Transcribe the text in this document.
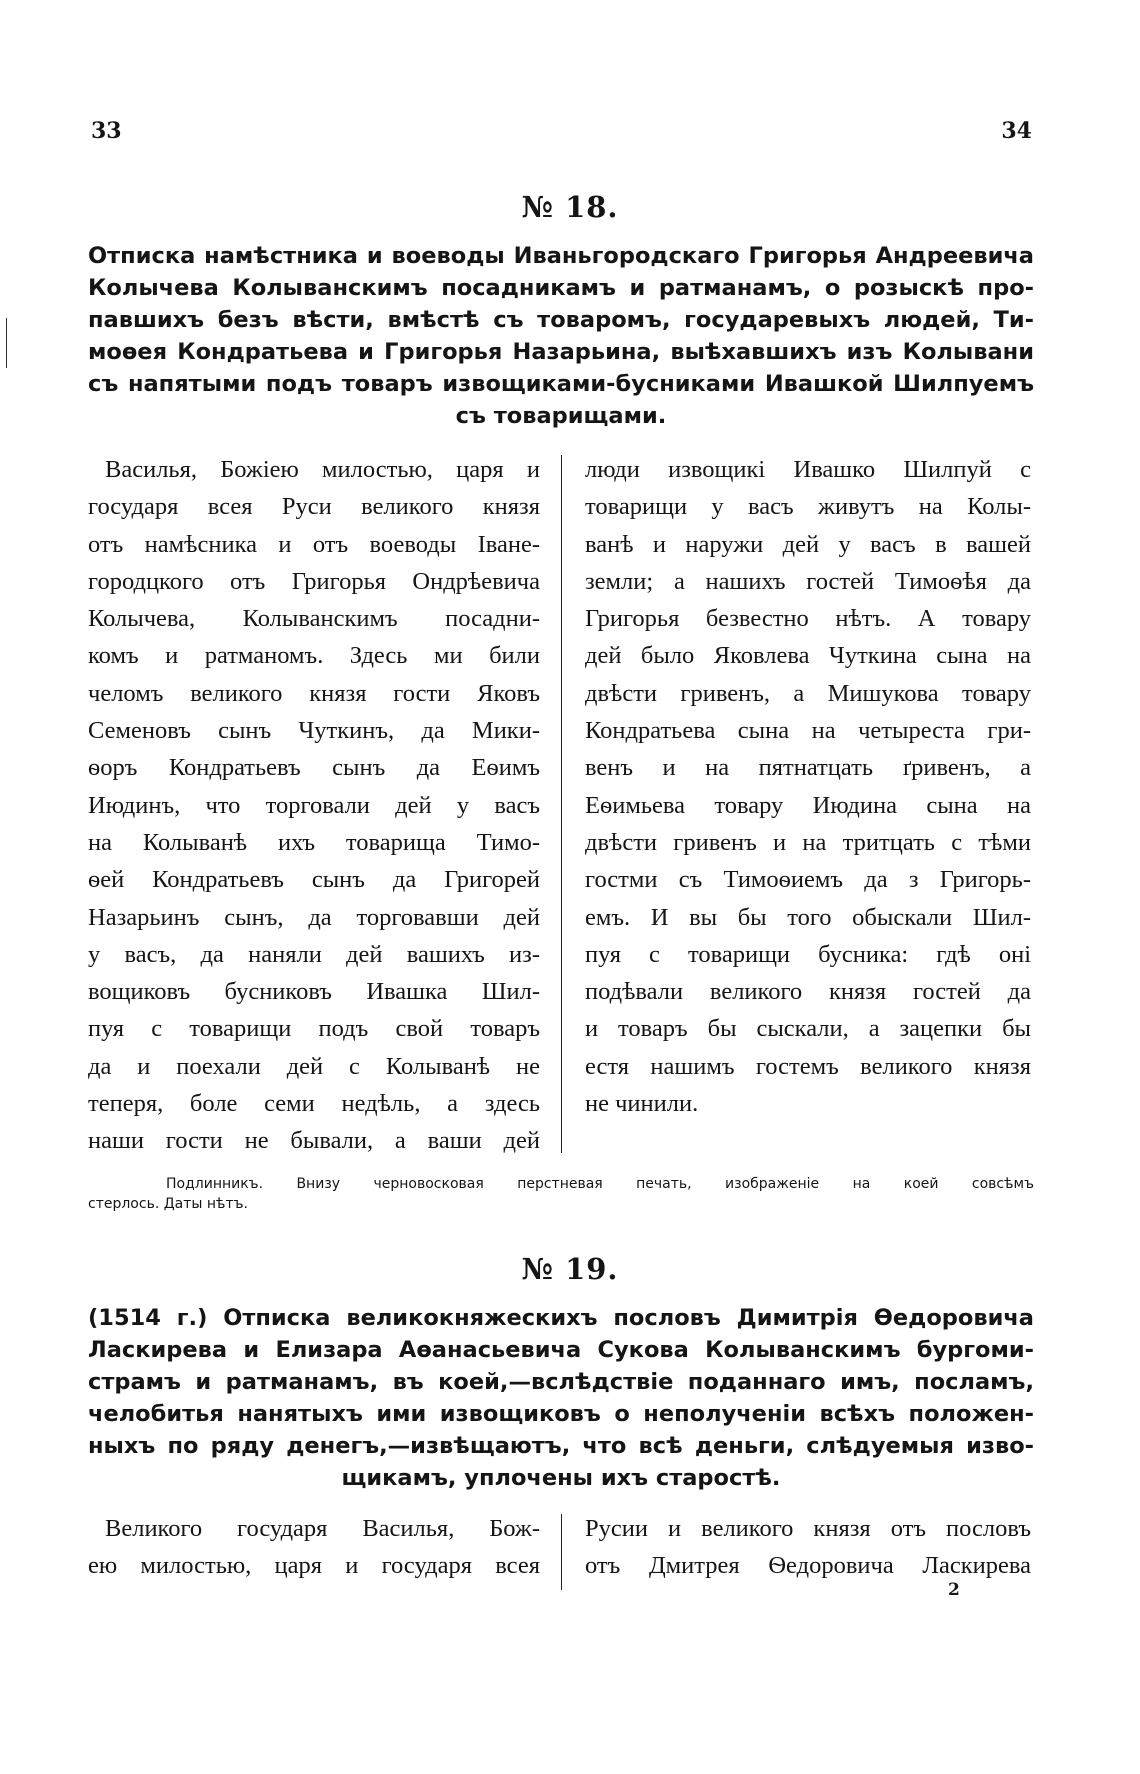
33	34
№ 18.
Отписка намѣстника и воеводы Иваньгородскаго Григорья Андреевича
Колычева Колыванскимъ посадникамъ и ратманамъ, о розыскѣ про-
павшихъ безъ вѣсти, вмѣстѣ съ товаромъ, государевыхъ людей, Ти-
моѳея Кондратьева и Григорья Назарьина, выѣхавшихъ изъ Колывани
съ напятыми подъ товаръ извощиками-бусниками Ивашкой Шилпуемъ
съ товарищами.
Василья, Божіею милостью, царя и
государя всея Руси великого князя
отъ намѣсника и отъ воеводы Іване-
городцкого отъ Григорья Ондрѣевича
Колычева, Колыванскимъ посадни-
комъ и ратманомъ. Здесь ми били
челомъ великого князя гости Яковъ
Семеновъ сынъ Чуткинъ, да Мики-
ѳоръ Кондратьевъ сынъ да Еѳимъ
Июдинъ, что торговали дей у васъ
на Колыванѣ ихъ товарища Тимо-
ѳей Кондратьевъ сынъ да Григорей
Назарьинъ сынъ, да торговавши дей
у васъ, да наняли дей вашихъ из-
вощиковъ бусниковъ Ивашка Шил-
пуя с товарищи подъ свой товаръ
да и поехали дей с Колыванѣ не
теперя, боле семи недѣль, а здесь
наши гости не бывали, а ваши дей
люди извощикі Ивашко Шилпуй с
товарищи у васъ живутъ на Колы-
ванѣ и наружи дей у васъ в вашей
земли; а нашихъ гостей Тимоѳѣя да
Григорья безвестно нѣтъ. А товару
дей было Яковлева Чуткина сына на
двѣсти гривенъ, а Мишукова товару
Кондратьева сына на четыреста гри-
венъ и на пятнатцать ґривенъ, а
Еѳимьева товару Июдина сына на
двѣсти гривенъ и на тритцать с тѣми
гостми съ Тимоѳиемъ да з Григорь-
емъ. И вы бы того обыскали Шил-
пуя с товарищи бусника: гдѣ оні
подѣвали великого князя гостей да
и товаръ бы сыскали, а зацепки бы
естя нашимъ гостемъ великого князя
не чинили.
Подлинникъ. Внизу черновосковая перстневая печать, изображеніе на коей совсѣмъ
стерлось. Даты нѣтъ.
№ 19.
(1514 г.) Отписка великокняжескихъ пословъ Димитрія Ѳедоровича
Ласкирева и Елизара Аѳанасьевича Сукова Колыванскимъ бургоми-
страмъ и ратманамъ, въ коей,—вслѣдствіе поданнаго имъ, посламъ,
челобитья нанятыхъ ими извощиковъ о неполученіи всѣхъ положен-
ныхъ по ряду денегъ,—извѣщаютъ, что всѣ деньги, слѣдуемыя изво-
щикамъ, уплочены ихъ старостѣ.
Великого государя Василья, Бож-
ею милостью, царя и государя всея
Русии и великого князя отъ пословъ
отъ Дмитрея Ѳедоровича Ласкирева
2
